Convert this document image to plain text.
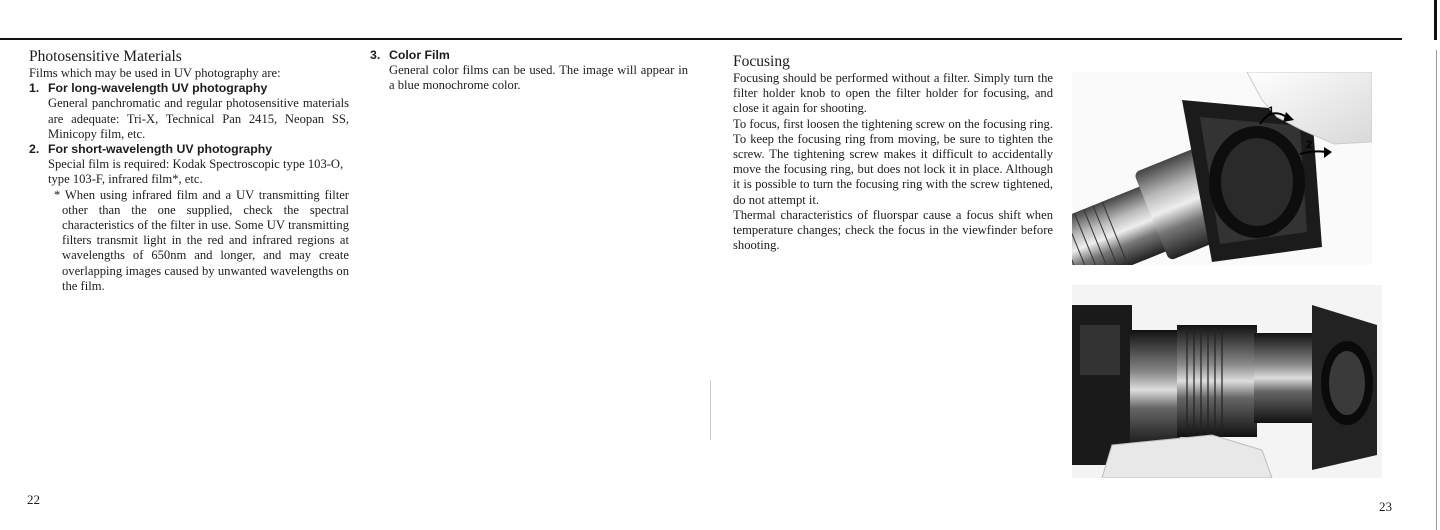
Photosensitive Materials

Films which may be used in UV photography are:

1. For long-wavelength UV photography

General panchromatic and regular photosensitive materials are adequate: Tri-X, Technical Pan 2415, Neopan SS, Minicopy film, etc.

2. For short-wavelength UV photography

Special film is required: Kodak Spectroscopic type 103-O, type 103-F, infrared film*, etc.

* When using infrared film and a UV transmitting filter other than the one supplied, check the spectral characteristics of the filter in use. Some UV transmitting filters transmit light in the red and infrared regions at wavelengths of 650nm and longer, and may create overlapping images caused by unwanted wavelengths on the film.

3. Color Film

General color films can be used. The image will appear in a blue monochrome color.

22
Focusing

Focusing should be performed without a filter. Simply turn the filter holder knob to open the filter holder for focusing, and close it again for shooting.

To focus, first loosen the tightening screw on the focusing ring. To keep the focusing ring from moving, be sure to tighten the screw. The tightening screw makes it difficult to accidentally move the focusing ring, but does not lock it in place. Although it is possible to turn the focusing ring with the screw tightened, do not attempt it.

Thermal characteristics of fluorspar cause a focus shift when temperature changes; check the focus in the viewfinder before shooting.

1
2
23
